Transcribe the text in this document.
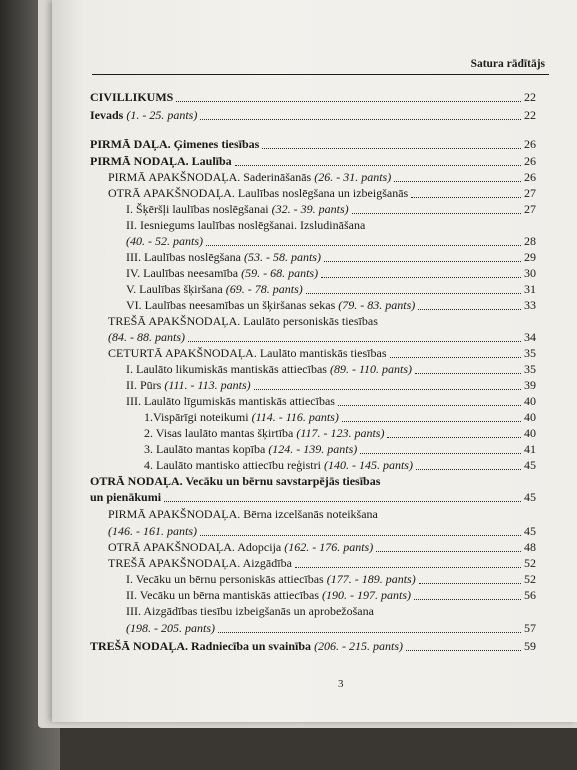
Satura rādītājs
CIVILLIKUMS	22
Ievads (1. - 25. pants)	22
PIRMĀ DAĻA. Ģimenes tiesības	26
PIRMĀ NODAĻA. Laulība	26
PIRMĀ APAKŠNODAĻA. Saderināšanās (26. - 31. pants)	26
OTRĀ APAKŠNODAĻA. Laulības noslēgšana un izbeigšanās	27
I. Šķēršļi laulības noslēgšanai (32. - 39. pants)	27
II. Iesniegums laulības noslēgšanai. Izsludināšana
(40. - 52. pants)	28
III. Laulības noslēgšana (53. - 58. pants)	29
IV. Laulības neesamība (59. - 68. pants)	30
V. Laulības šķiršana (69. - 78. pants)	31
VI. Laulības neesamības un šķiršanas sekas (79. - 83. pants)	33
TREŠĀ APAKŠNODAĻA. Laulāto personiskās tiesības
(84. - 88. pants)	34
CETURTĀ APAKŠNODAĻA. Laulāto mantiskās tiesības	35
I. Laulāto likumiskās mantiskās attiecības (89. - 110. pants)	35
II. Pūrs (111. - 113. pants)	39
III. Laulāto līgumiskās mantiskās attiecības	40
1.Vispārīgi noteikumi (114. - 116. pants)	40
2. Visas laulāto mantas šķirtība (117. - 123. pants)	40
3. Laulāto mantas kopība (124. - 139. pants)	41
4. Laulāto mantisko attiecību reģistri (140. - 145. pants)	45
OTRĀ NODAĻA. Vecāku un bērnu savstarpējās tiesības
un pienākumi	45
PIRMĀ APAKŠNODAĻA. Bērna izcelšanās noteikšana
(146. - 161. pants)	45
OTRĀ APAKŠNODAĻA. Adopcija (162. - 176. pants)	48
TREŠĀ APAKŠNODAĻA. Aizgādība	52
I. Vecāku un bērnu personiskās attiecības (177. - 189. pants)	52
II. Vecāku un bērna mantiskās attiecības (190. - 197. pants)	56
III. Aizgādības tiesību izbeigšanās un aprobežošana
(198. - 205. pants)	57
TREŠĀ NODAĻA. Radniecība un svainība (206. - 215. pants)	59
3
